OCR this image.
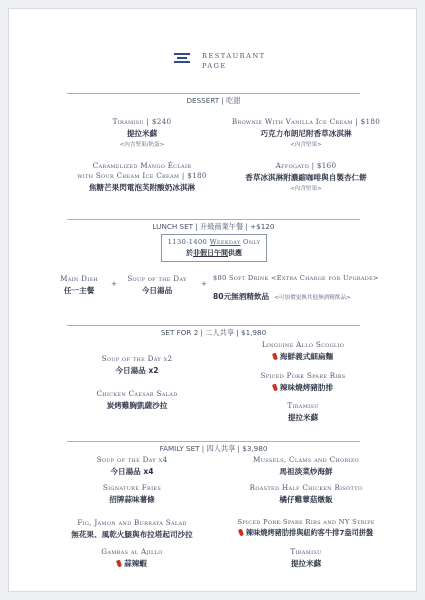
RESTAURANT
PAGE
DESSERT | 吃甜
Tiramisu | $240
提拉米蘇
<內含堅果/奶蛋>
Brownie With Vanilla Ice Cream | $180
巧克力布朗尼附香草冰淇淋
<內含堅果>
Caramelized Mango Éclair
with Sour Cream Ice Cream | $180
焦糖芒果閃電泡芙附酸奶冰淇淋
Affogato | $160
香草冰淇淋附濃縮咖啡與自製杏仁餅
<內含堅果>
LUNCH SET | 升級商業午餐 | +$120
1130-1400 Weekday Only
於非假日午間供應
Main Dish
任一主餐
+
Soup of the Day
今日湯品
+
$80 Soft Drink <Extra Charge for Upgrade>
80元無酒精飲品 <可加價更換其他無酒精飲品>
SET FOR 2 | 二人共享 | $1,980
Soup of the Day x2
今日湯品 x2
Chicken Caesar Salad
炭烤雞胸凱薩沙拉
Linguine Allo Scoglio
海鮮義式細扁麵
Spiced Pork Spare Ribs
辣味燒烤豬肋排
Tiramisu
提拉米蘇
FAMILY SET | 四人共享 | $3,980
Soup of the Day x4
今日湯品 x4
Signature Fries
招牌蒜味薯條
Fig, Jamon and Burrata Salad
無花果、風乾火腿與布拉塔起司沙拉
Gambas al Ajillo
蒜辣蝦
Mussels, Clams and Chorizo
馬祖淡菜炒海鮮
Roasted Half Chicken Risotto
橘仔雞蕈菇燉飯
Spiced Pork Spare Ribs and NY Stripe
辣味燒烤豬肋排與紐約客牛排7盎司拼盤
Tiramisu
提拉米蘇
